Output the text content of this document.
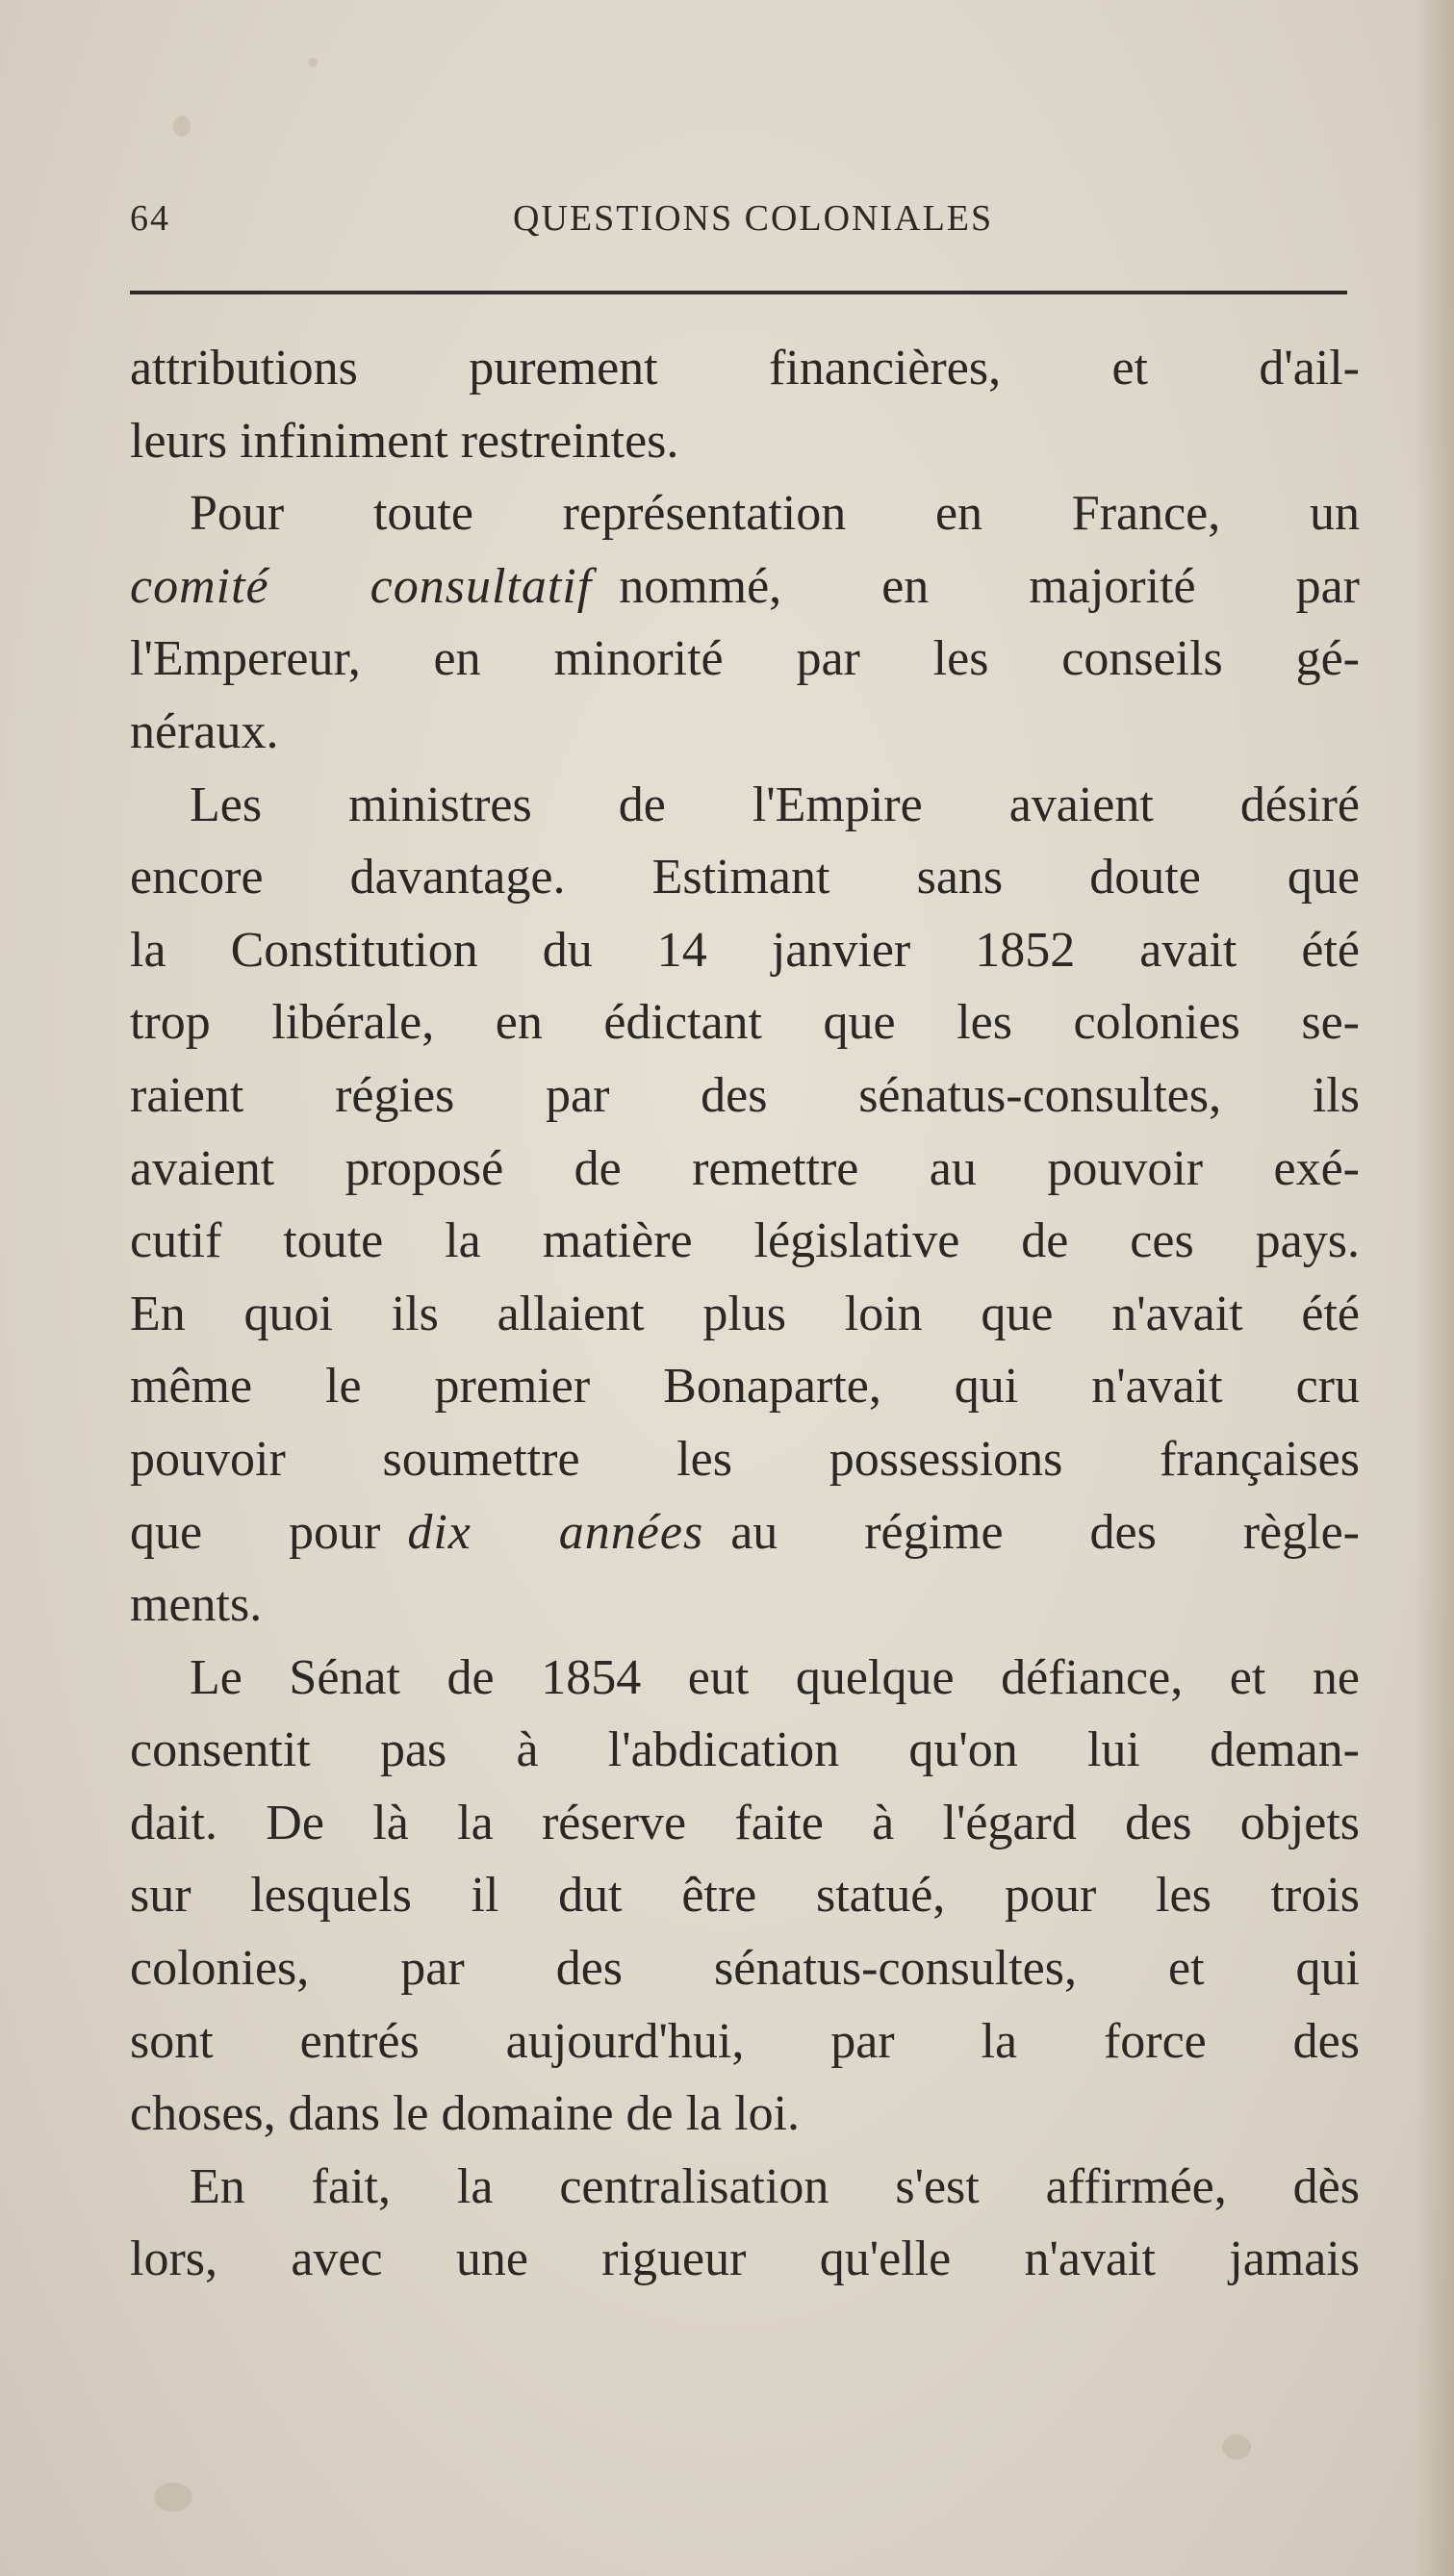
64	QUESTIONS COLONIALES
attributions purement financières, et d'ail-
leurs infiniment restreintes.
Pour toute représentation en France, un
comité consultatif nommé, en majorité par
l'Empereur, en minorité par les conseils gé-
néraux.
Les ministres de l'Empire avaient désiré
encore davantage. Estimant sans doute que
la Constitution du 14 janvier 1852 avait été
trop libérale, en édictant que les colonies se-
raient régies par des sénatus-consultes, ils
avaient proposé de remettre au pouvoir exé-
cutif toute la matière législative de ces pays.
En quoi ils allaient plus loin que n'avait été
même le premier Bonaparte, qui n'avait cru
pouvoir soumettre les possessions françaises
que pour dix années au régime des règle-
ments.
Le Sénat de 1854 eut quelque défiance, et ne
consentit pas à l'abdication qu'on lui deman-
dait. De là la réserve faite à l'égard des objets
sur lesquels il dut être statué, pour les trois
colonies, par des sénatus-consultes, et qui
sont entrés aujourd'hui, par la force des
choses, dans le domaine de la loi.
En fait, la centralisation s'est affirmée, dès
lors, avec une rigueur qu'elle n'avait jamais
